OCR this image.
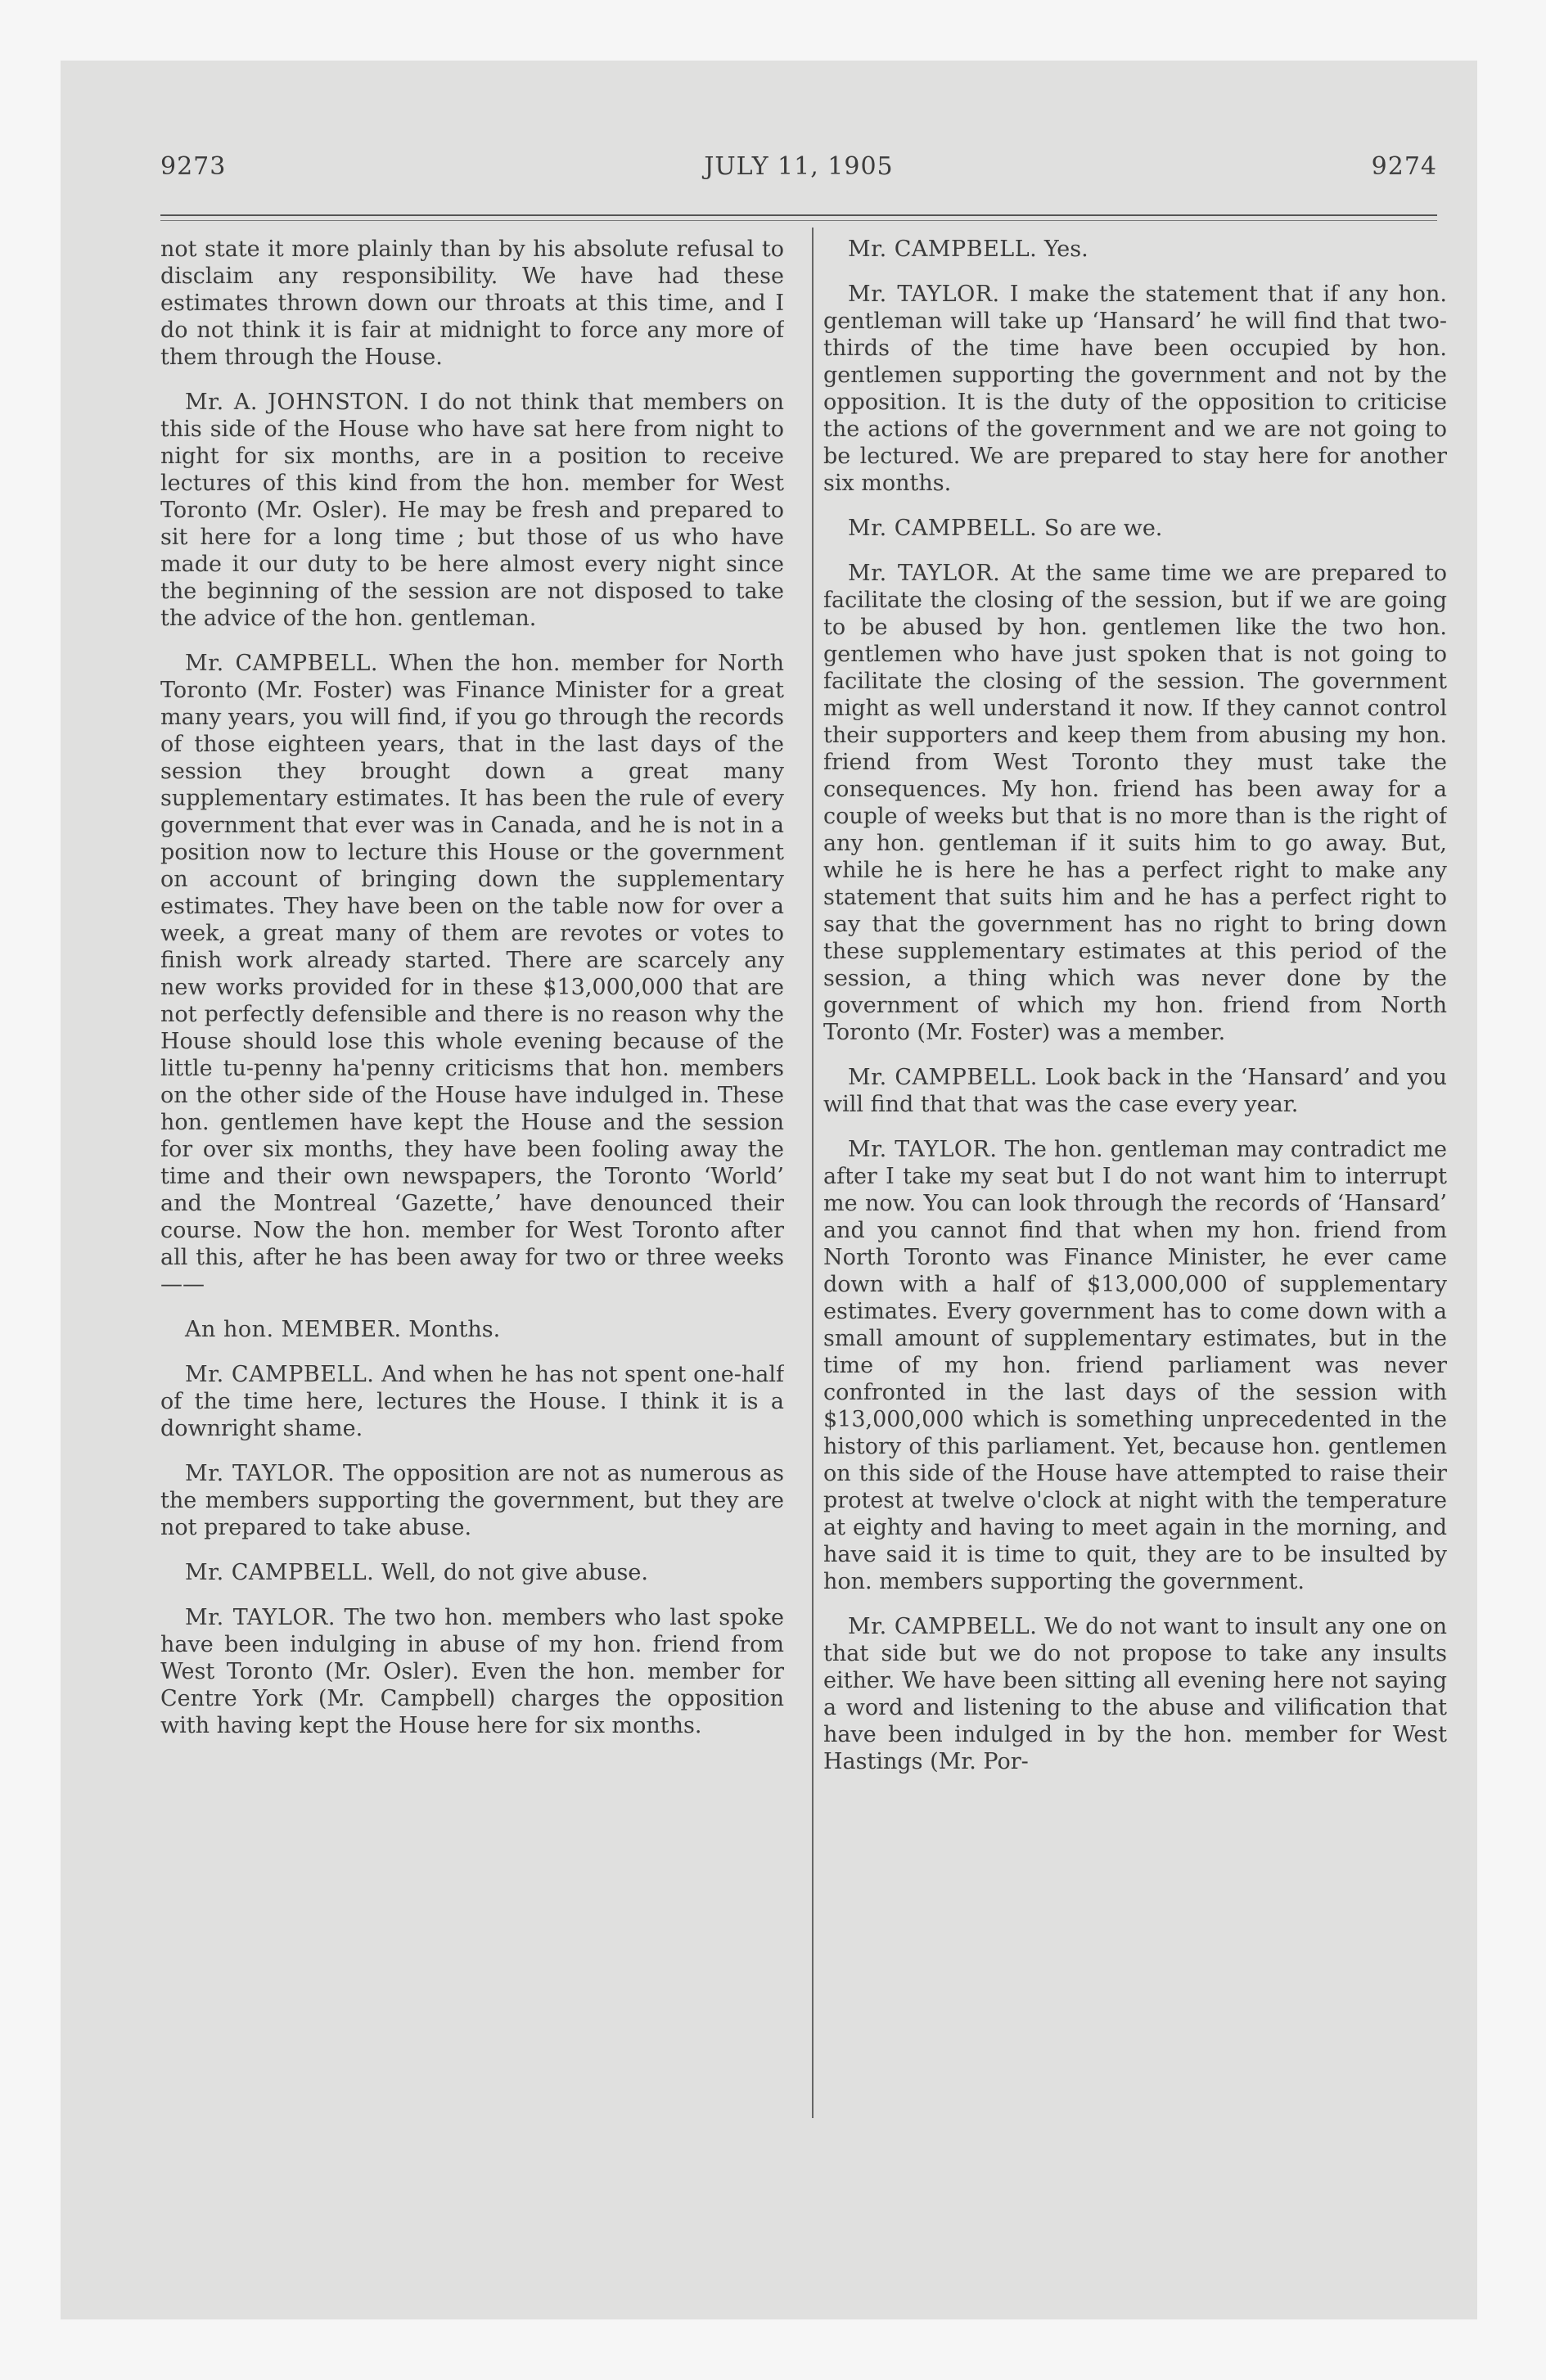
9273	JULY 11, 1905	9274

not state it more plainly than by his absolute refusal to disclaim any responsibility. We have had these estimates thrown down our throats at this time, and I do not think it is fair at midnight to force any more of them through the House.

Mr. A. JOHNSTON. I do not think that members on this side of the House who have sat here from night to night for six months, are in a position to receive lectures of this kind from the hon. member for West Toronto (Mr. Osler). He may be fresh and prepared to sit here for a long time ; but those of us who have made it our duty to be here almost every night since the beginning of the session are not disposed to take the advice of the hon. gentleman.

Mr. CAMPBELL. When the hon. member for North Toronto (Mr. Foster) was Finance Minister for a great many years, you will find, if you go through the records of those eighteen years, that in the last days of the session they brought down a great many supplementary estimates. It has been the rule of every government that ever was in Canada, and he is not in a position now to lecture this House or the government on account of bringing down the supplementary estimates. They have been on the table now for over a week, a great many of them are revotes or votes to finish work already started. There are scarcely any new works provided for in these $13,000,000 that are not perfectly defensible and there is no reason why the House should lose this whole evening because of the little tu-penny ha'penny criticisms that hon. members on the other side of the House have indulged in. These hon. gentlemen have kept the House and the session for over six months, they have been fooling away the time and their own newspapers, the Toronto ‘World’ and the Montreal ‘Gazette,’ have denounced their course. Now the hon. member for West Toronto after all this, after he has been away for two or three weeks——

An hon. MEMBER. Months.

Mr. CAMPBELL. And when he has not spent one-half of the time here, lectures the House. I think it is a downright shame.

Mr. TAYLOR. The opposition are not as numerous as the members supporting the government, but they are not prepared to take abuse.

Mr. CAMPBELL. Well, do not give abuse.

Mr. TAYLOR. The two hon. members who last spoke have been indulging in abuse of my hon. friend from West Toronto (Mr. Osler). Even the hon. member for Centre York (Mr. Campbell) charges the opposition with having kept the House here for six months.

Mr. CAMPBELL. Yes.

Mr. TAYLOR. I make the statement that if any hon. gentleman will take up ‘Hansard’ he will find that two-thirds of the time have been occupied by hon. gentlemen supporting the government and not by the opposition. It is the duty of the opposition to criticise the actions of the government and we are not going to be lectured. We are prepared to stay here for another six months.

Mr. CAMPBELL. So are we.

Mr. TAYLOR. At the same time we are prepared to facilitate the closing of the session, but if we are going to be abused by hon. gentlemen like the two hon. gentlemen who have just spoken that is not going to facilitate the closing of the session. The government might as well understand it now. If they cannot control their supporters and keep them from abusing my hon. friend from West Toronto they must take the consequences. My hon. friend has been away for a couple of weeks but that is no more than is the right of any hon. gentleman if it suits him to go away. But, while he is here he has a perfect right to make any statement that suits him and he has a perfect right to say that the government has no right to bring down these supplementary estimates at this period of the session, a thing which was never done by the government of which my hon. friend from North Toronto (Mr. Foster) was a member.

Mr. CAMPBELL. Look back in the ‘Hansard’ and you will find that that was the case every year.

Mr. TAYLOR. The hon. gentleman may contradict me after I take my seat but I do not want him to interrupt me now. You can look through the records of ‘Hansard’ and you cannot find that when my hon. friend from North Toronto was Finance Minister, he ever came down with a half of $13,000,000 of supplementary estimates. Every government has to come down with a small amount of supplementary estimates, but in the time of my hon. friend parliament was never confronted in the last days of the session with $13,000,000 which is something unprecedented in the history of this parliament. Yet, because hon. gentlemen on this side of the House have attempted to raise their protest at twelve o'clock at night with the temperature at eighty and having to meet again in the morning, and have said it is time to quit, they are to be insulted by hon. members supporting the government.

Mr. CAMPBELL. We do not want to insult any one on that side but we do not propose to take any insults either. We have been sitting all evening here not saying a word and listening to the abuse and vilification that have been indulged in by the hon. member for West Hastings (Mr. Por-
